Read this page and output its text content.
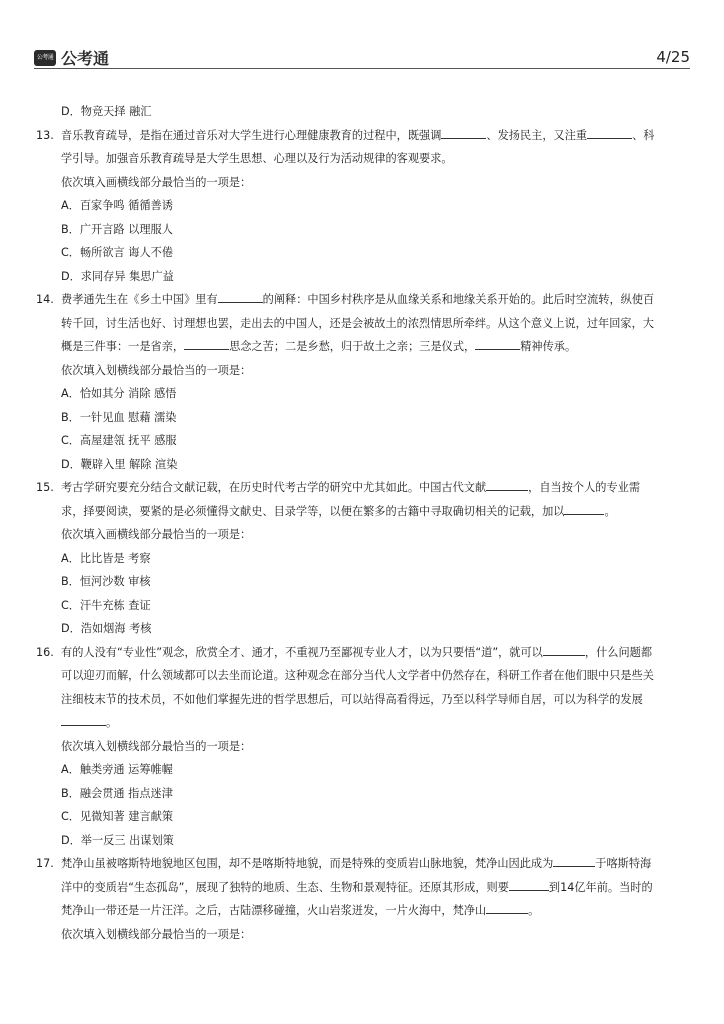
公考通 公考通	4/25
D．物竞天择 融汇
13. 音乐教育疏导，是指在通过音乐对大学生进行心理健康教育的过程中，既强调	、发扬民主，又注重	、科
学引导。加强音乐教育疏导是大学生思想、心理以及行为活动规律的客观要求。
依次填入画横线部分最恰当的一项是：
A．百家争鸣 循循善诱
B．广开言路 以理服人
C．畅所欲言 诲人不倦
D．求同存异 集思广益
14. 费孝通先生在《乡土中国》里有	的阐释：中国乡村秩序是从血缘关系和地缘关系开始的。此后时空流转，纵使百
转千回，讨生活也好、讨理想也罢，走出去的中国人，还是会被故土的浓烈情思所牵绊。从这个意义上说，过年回家，大
概是三件事：一是省亲，	思念之苦；二是乡愁，归于故土之亲；三是仪式，	精神传承。
依次填入划横线部分最恰当的一项是：
A．恰如其分 消除 感悟
B．一针见血 慰藉 濡染
C．高屋建瓴 抚平 感服
D．鞭辟入里 解除 渲染
15. 考古学研究要充分结合文献记载，在历史时代考古学的研究中尤其如此。中国古代文献	，自当按个人的专业需
求，择要阅读，要紧的是必须懂得文献史、目录学等，以便在繁多的古籍中寻取确切相关的记载，加以	。
依次填入画横线部分最恰当的一项是：
A．比比皆是 考察
B．恒河沙数 审核
C．汗牛充栋 查证
D．浩如烟海 考核
16. 有的人没有“专业性”观念，欣赏全才、通才，不重视乃至鄙视专业人才，以为只要悟“道”，就可以	，什么问题都
可以迎刃而解，什么领域都可以去坐而论道。这种观念在部分当代人文学者中仍然存在，科研工作者在他们眼中只是些关
注细枝末节的技术员，不如他们掌握先进的哲学思想后，可以站得高看得远，乃至以科学导师自居，可以为科学的发展
。
依次填入划横线部分最恰当的一项是：
A．触类旁通 运筹帷幄
B．融会贯通 指点迷津
C．见微知著 建言献策
D．举一反三 出谋划策
17. 梵净山虽被喀斯特地貌地区包围，却不是喀斯特地貌，而是特殊的变质岩山脉地貌，梵净山因此成为	于喀斯特海
洋中的变质岩“生态孤岛”，展现了独特的地质、生态、生物和景观特征。还原其形成，则要	到14亿年前。当时的
梵净山一带还是一片汪洋。之后，古陆漂移碰撞，火山岩浆迸发，一片火海中，梵净山	。
依次填入划横线部分最恰当的一项是：
